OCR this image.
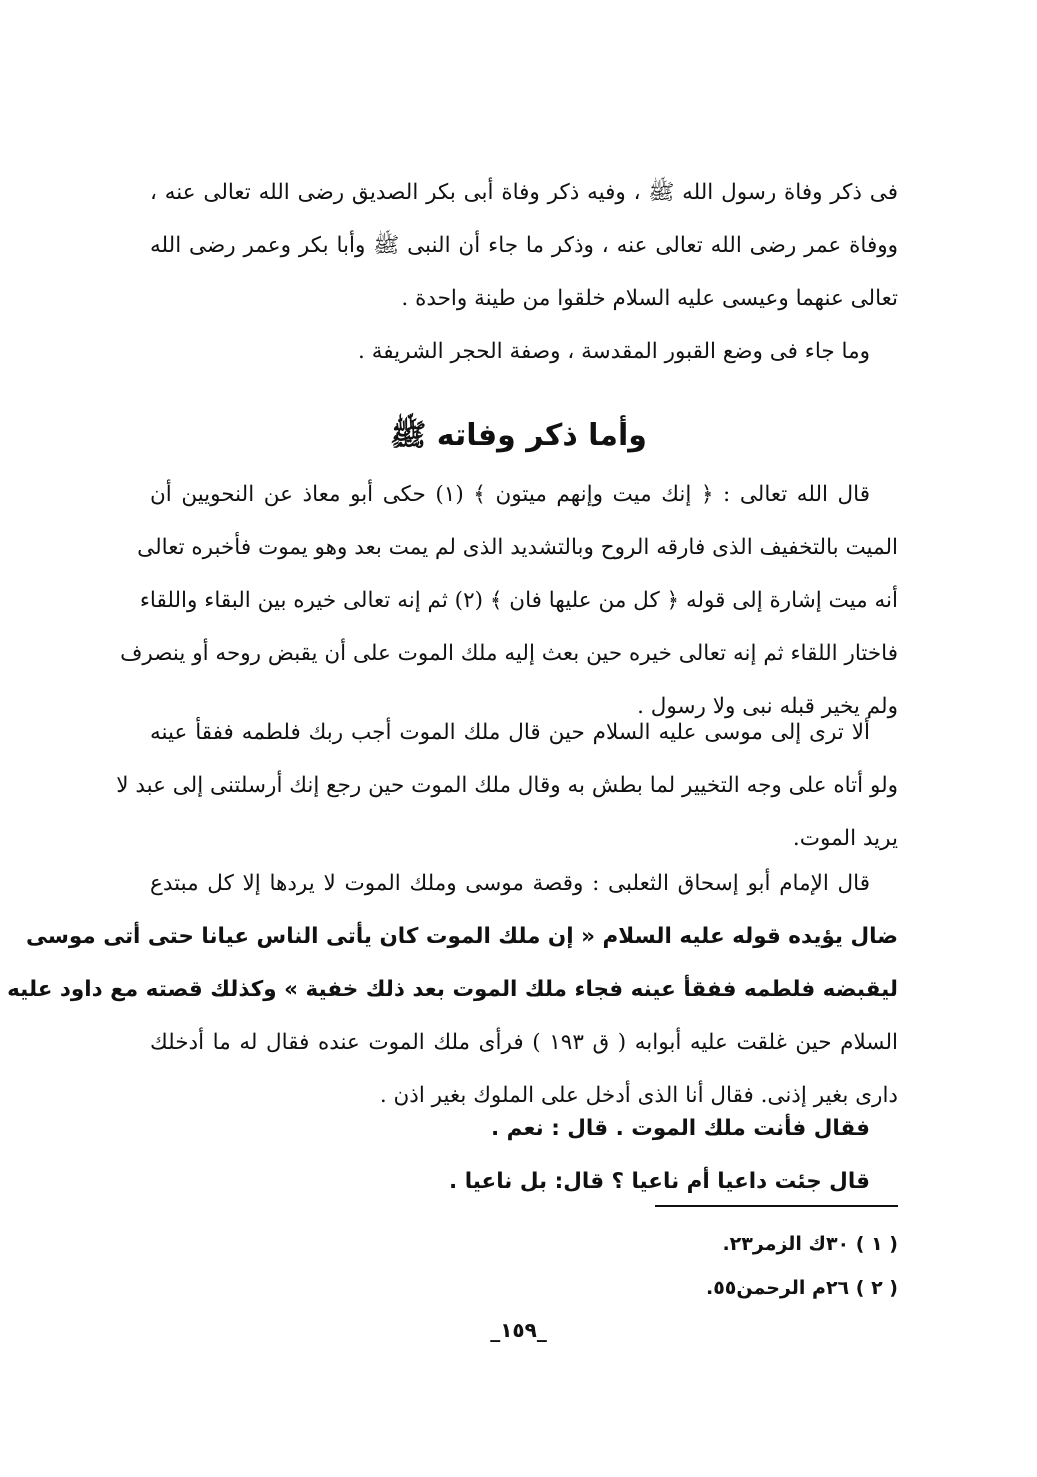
فى ذكر وفاة رسول الله ﷺ ، وفيه ذكر وفاة أبى بكر الصديق رضى الله تعالى عنه ،
ووفاة عمر رضى الله تعالى عنه ، وذكر ما جاء أن النبى ﷺ وأبا بكر وعمر رضى الله
تعالى عنهما وعيسى عليه السلام خلقوا من طينة واحدة .
وما جاء فى وضع القبور المقدسة ، وصفة الحجر الشريفة .
وأما ذكر وفاته ﷺ
قال الله تعالى : ﴿ إنك ميت وإنهم ميتون ﴾ (١) حكى أبو معاذ عن النحويين أن
الميت بالتخفيف الذى فارقه الروح وبالتشديد الذى لم يمت بعد وهو يموت فأخبره تعالى
أنه ميت إشارة إلى قوله ﴿ كل من عليها فان ﴾ (٢) ثم إنه تعالى خيره بين البقاء واللقاء
فاختار اللقاء ثم إنه تعالى خيره حين بعث إليه ملك الموت على أن يقبض روحه أو ينصرف
ولم يخير قبله نبى ولا رسول .
ألا ترى إلى موسى عليه السلام حين قال ملك الموت أجب ربك فلطمه ففقأ عينه
ولو أتاه على وجه التخيير لما بطش به وقال ملك الموت حين رجع إنك أرسلتنى إلى عبد لا
يريد الموت.
قال الإمام أبو إسحاق الثعلبى : وقصة موسى وملك الموت لا يردها إلا كل مبتدع
ضال يؤيده قوله عليه السلام « إن ملك الموت كان يأتى الناس عيانا حتى أتى موسى
ليقبضه فلطمه ففقأ عينه فجاء ملك الموت بعد ذلك خفية » وكذلك قصته مع داود عليه
السلام حين غلقت عليه أبوابه ( ق ١٩٣ ) فرأى ملك الموت عنده فقال له ما أدخلك
دارى بغير إذنى. فقال أنا الذى أدخل على الملوك بغير اذن .
فقال فأنت ملك الموت . قال : نعم .
قال جئت داعيا أم ناعيا ؟ قال: بل ناعيا .
( ١ ) ٣٠ك الزمر٢٣.
( ٢ ) ٢٦م الرحمن٥٥.
_١٥٩_
